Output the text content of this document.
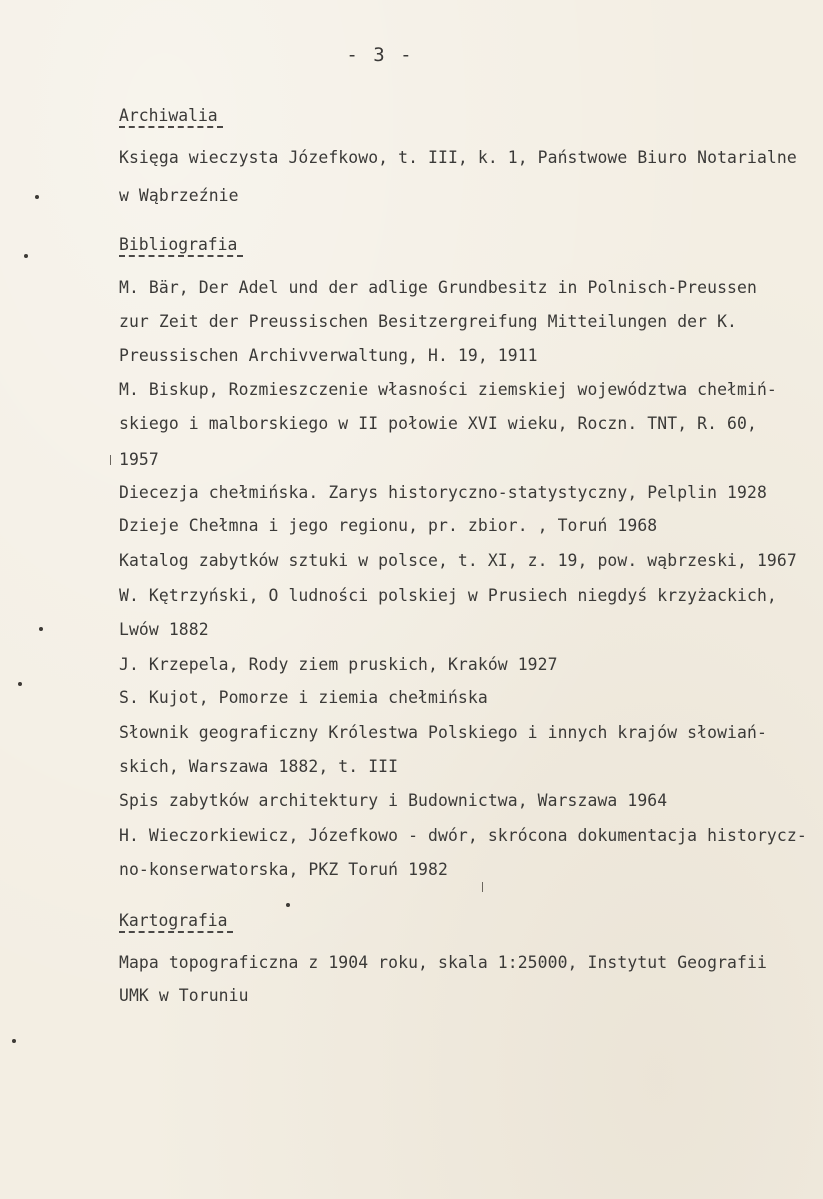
- 3 -
Archiwalia
Księga wieczysta Józefkowo, t. III, k. 1, Państwowe Biuro Notarialne
w Wąbrzeźnie
Bibliografia
M. Bär, Der Adel und der adlige Grundbesitz in Polnisch-Preussen
zur Zeit der Preussischen Besitzergreifung Mitteilungen der K.
Preussischen Archivverwaltung, H. 19, 1911
M. Biskup, Rozmieszczenie własności ziemskiej województwa chełmiń-
skiego i malborskiego w II połowie XVI wieku, Roczn. TNT, R. 60,
1957
Diecezja chełmińska. Zarys historyczno-statystyczny, Pelplin 1928
Dzieje Chełmna i jego regionu, pr. zbior. , Toruń 1968
Katalog zabytków sztuki w polsce, t. XI, z. 19, pow. wąbrzeski, 1967
W. Kętrzyński, O ludności polskiej w Prusiech niegdyś krzyżackich,
Lwów 1882
J. Krzepela, Rody ziem pruskich, Kraków 1927
S. Kujot, Pomorze i ziemia chełmińska
Słownik geograficzny Królestwa Polskiego i innych krajów słowiań-
skich, Warszawa 1882, t. III
Spis zabytków architektury i Budownictwa, Warszawa 1964
H. Wieczorkiewicz, Józefkowo - dwór, skrócona dokumentacja historycz-
no-konserwatorska, PKZ Toruń 1982
Kartografia
Mapa topograficzna z 1904 roku, skala 1:25000, Instytut Geografii
UMK w Toruniu
